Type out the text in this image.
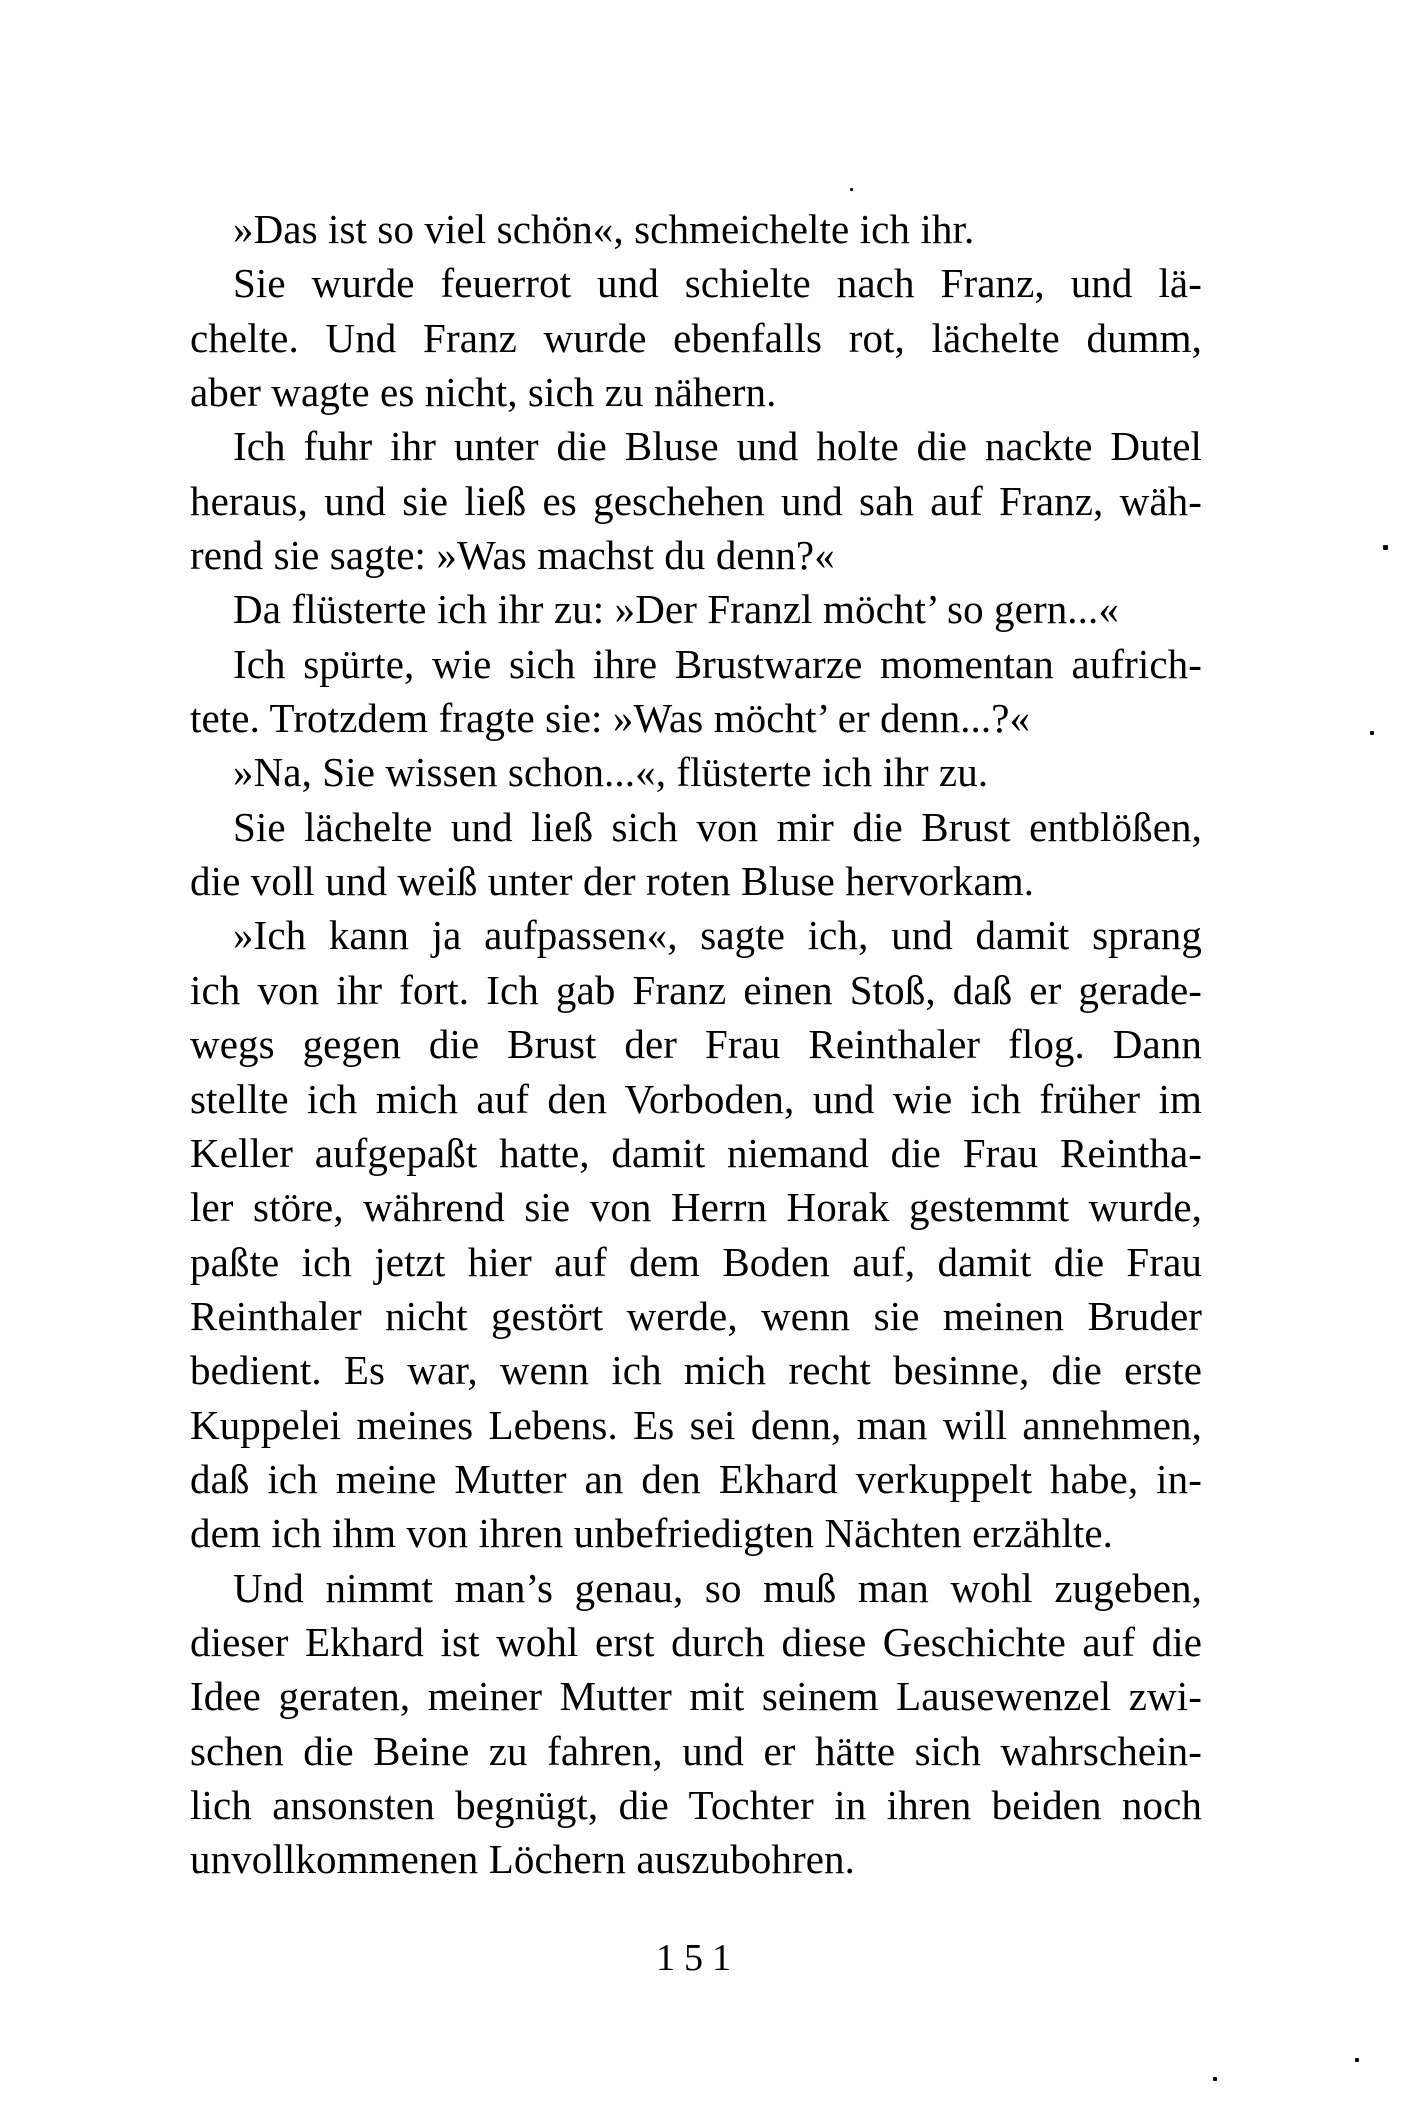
»Das ist so viel schön«, schmeichelte ich ihr.
Sie wurde feuerrot und schielte nach Franz, und lä-
chelte. Und Franz wurde ebenfalls rot, lächelte dumm,
aber wagte es nicht, sich zu nähern.
Ich fuhr ihr unter die Bluse und holte die nackte Dutel
heraus, und sie ließ es geschehen und sah auf Franz, wäh-
rend sie sagte: »Was machst du denn?«
Da flüsterte ich ihr zu: »Der Franzl möcht’ so gern...«
Ich spürte, wie sich ihre Brustwarze momentan aufrich-
tete. Trotzdem fragte sie: »Was möcht’ er denn...?«
»Na, Sie wissen schon...«, flüsterte ich ihr zu.
Sie lächelte und ließ sich von mir die Brust entblößen,
die voll und weiß unter der roten Bluse hervorkam.
»Ich kann ja aufpassen«, sagte ich, und damit sprang
ich von ihr fort. Ich gab Franz einen Stoß, daß er gerade-
wegs gegen die Brust der Frau Reinthaler flog. Dann
stellte ich mich auf den Vorboden, und wie ich früher im
Keller aufgepaßt hatte, damit niemand die Frau Reintha-
ler störe, während sie von Herrn Horak gestemmt wurde,
paßte ich jetzt hier auf dem Boden auf, damit die Frau
Reinthaler nicht gestört werde, wenn sie meinen Bruder
bedient. Es war, wenn ich mich recht besinne, die erste
Kuppelei meines Lebens. Es sei denn, man will annehmen,
daß ich meine Mutter an den Ekhard verkuppelt habe, in-
dem ich ihm von ihren unbefriedigten Nächten erzählte.
Und nimmt man’s genau, so muß man wohl zugeben,
dieser Ekhard ist wohl erst durch diese Geschichte auf die
Idee geraten, meiner Mutter mit seinem Lausewenzel zwi-
schen die Beine zu fahren, und er hätte sich wahrschein-
lich ansonsten begnügt, die Tochter in ihren beiden noch
unvollkommenen Löchern auszubohren.
151
